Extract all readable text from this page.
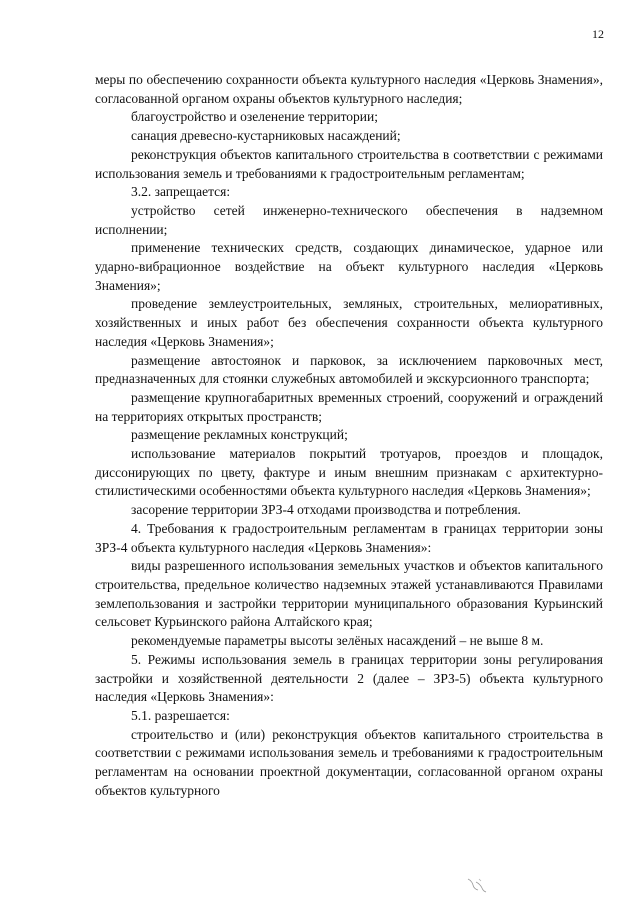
12

меры по обеспечению сохранности объекта культурного наследия «Церковь Знамения», согласованной органом охраны объектов культурного наследия;

благоустройство и озеленение территории;

санация древесно-кустарниковых насаждений;

реконструкция объектов капитального строительства в соответствии с режимами использования земель и требованиями к градостроительным регламентам;

3.2. запрещается:

устройство сетей инженерно-технического обеспечения в надземном исполнении;

применение технических средств, создающих динамическое, ударное или ударно-вибрационное воздействие на объект культурного наследия «Церковь Знамения»;

проведение землеустроительных, земляных, строительных, мелиоративных, хозяйственных и иных работ без обеспечения сохранности объекта культурного наследия «Церковь Знамения»;

размещение автостоянок и парковок, за исключением парковочных мест, предназначенных для стоянки служебных автомобилей и экскурсионного транспорта;

размещение крупногабаритных временных строений, сооружений и ограждений на территориях открытых пространств;

размещение рекламных конструкций;

использование материалов покрытий тротуаров, проездов и площадок, диссонирующих по цвету, фактуре и иным внешним признакам с архитектурно-стилистическими особенностями объекта культурного наследия «Церковь Знамения»;

засорение территории ЗРЗ-4 отходами производства и потребления.

4. Требования к градостроительным регламентам в границах территории зоны ЗРЗ-4 объекта культурного наследия «Церковь Знамения»:

виды разрешенного использования земельных участков и объектов капитального строительства, предельное количество надземных этажей устанавливаются Правилами землепользования и застройки территории муниципального образования Курьинский сельсовет Курьинского района Алтайского края;

рекомендуемые параметры высоты зелёных насаждений – не выше 8 м.

5. Режимы использования земель в границах территории зоны регулирования застройки и хозяйственной деятельности 2 (далее – ЗРЗ-5) объекта культурного наследия «Церковь Знамения»:

5.1. разрешается:

строительство и (или) реконструкция объектов капитального строительства в соответствии с режимами использования земель и требованиями к градостроительным регламентам на основании проектной документации, согласованной органом охраны объектов культурного
